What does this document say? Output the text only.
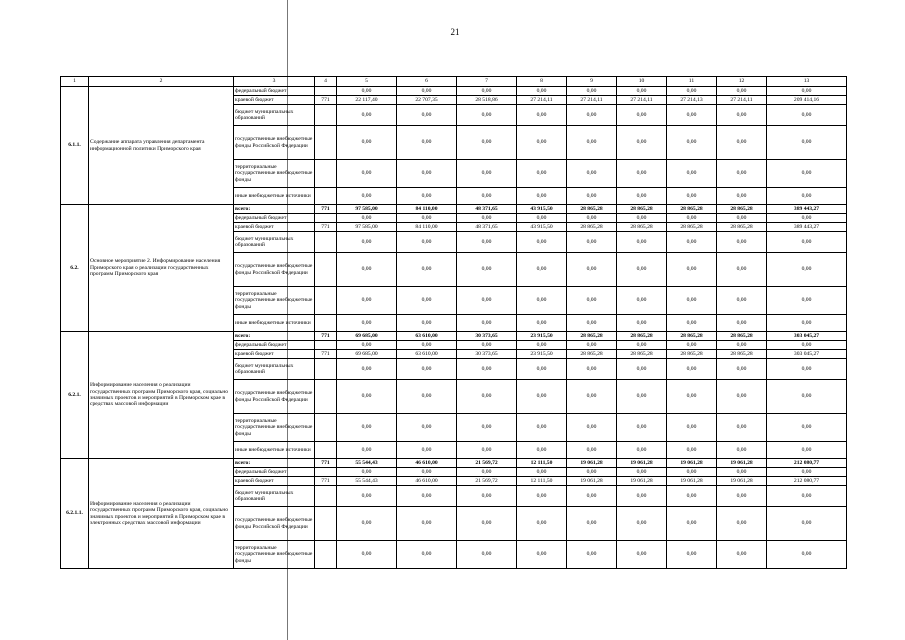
21
1	2	3	4	5	6	7	8	9	10	11	12	13
6.1.1.	Содержание аппарата управления департамента информационной политики Приморского края	федеральный бюджет		0,00	0,00	0,00	0,00	0,00	0,00	0,00	0,00	0,00
		краевой бюджет	771	22 117,40	22 707,35	28 518,86	27 214,11	27 214,11	27 214,11	27 214,13	27 214,11	209 414,16
		бюджет муниципальных образований		0,00	0,00	0,00	0,00	0,00	0,00	0,00	0,00	0,00
		государственные внебюджетные фонды Российской Федерации		0,00	0,00	0,00	0,00	0,00	0,00	0,00	0,00	0,00
		территориальные государственные внебюджетные фонды		0,00	0,00	0,00	0,00	0,00	0,00	0,00	0,00	0,00
		иные внебюджетные источники		0,00	0,00	0,00	0,00	0,00	0,00	0,00	0,00	0,00
6.2.	Основное мероприятие 2. Информирование населения Приморского края о реализации государственных программ Приморского края	всего:	771	97 585,00	84 110,00	48 371,65	43 915,50	28 865,28	28 865,28	28 865,28	28 865,28	389 443,27
		федеральный бюджет		0,00	0,00	0,00	0,00	0,00	0,00	0,00	0,00	0,00
		краевой бюджет	771	97 585,00	84 110,00	48 371,65	43 915,50	28 865,28	28 865,28	28 865,28	28 865,28	389 443,27
		бюджет муниципальных образований		0,00	0,00	0,00	0,00	0,00	0,00	0,00	0,00	0,00
		государственные внебюджетные фонды Российской Федерации		0,00	0,00	0,00	0,00	0,00	0,00	0,00	0,00	0,00
		территориальные государственные внебюджетные фонды		0,00	0,00	0,00	0,00	0,00	0,00	0,00	0,00	0,00
		иные внебюджетные источники		0,00	0,00	0,00	0,00	0,00	0,00	0,00	0,00	0,00
6.2.1.	Информирование населения о реализации государственных программ Приморского края, социально значимых проектов и мероприятий в Приморском крае в средствах массовой информации	всего:	771	69 685,00	63 610,00	30 373,65	23 915,50	28 865,28	28 865,28	28 865,28	28 865,28	303 045,27
		федеральный бюджет		0,00	0,00	0,00	0,00	0,00	0,00	0,00	0,00	0,00
		краевой бюджет	771	69 685,00	63 610,00	30 373,65	23 915,50	28 865,28	28 865,28	28 865,28	28 865,28	303 045,27
		бюджет муниципальных образований		0,00	0,00	0,00	0,00	0,00	0,00	0,00	0,00	0,00
		государственные внебюджетные фонды Российской Федерации		0,00	0,00	0,00	0,00	0,00	0,00	0,00	0,00	0,00
		территориальные государственные внебюджетные фонды		0,00	0,00	0,00	0,00	0,00	0,00	0,00	0,00	0,00
		иные внебюджетные источники		0,00	0,00	0,00	0,00	0,00	0,00	0,00	0,00	0,00
6.2.1.1.	Информирование населения о реализации государственных программ Приморского края, социально значимых проектов и мероприятий в Приморском крае в электронных средствах массовой информации	всего:	771	55 544,43	46 610,00	21 569,72	12 111,50	19 061,28	19 061,28	19 061,28	19 061,28	212 080,77
		федеральный бюджет		0,00	0,00	0,00	0,00	0,00	0,00	0,00	0,00	0,00
		краевой бюджет	771	55 544,43	46 610,00	21 569,72	12 111,50	19 061,28	19 061,28	19 061,28	19 061,28	212 080,77
		бюджет муниципальных образований		0,00	0,00	0,00	0,00	0,00	0,00	0,00	0,00	0,00
		государственные внебюджетные фонды Российской Федерации		0,00	0,00	0,00	0,00	0,00	0,00	0,00	0,00	0,00
		территориальные государственные внебюджетные фонды		0,00	0,00	0,00	0,00	0,00	0,00	0,00	0,00	0,00
